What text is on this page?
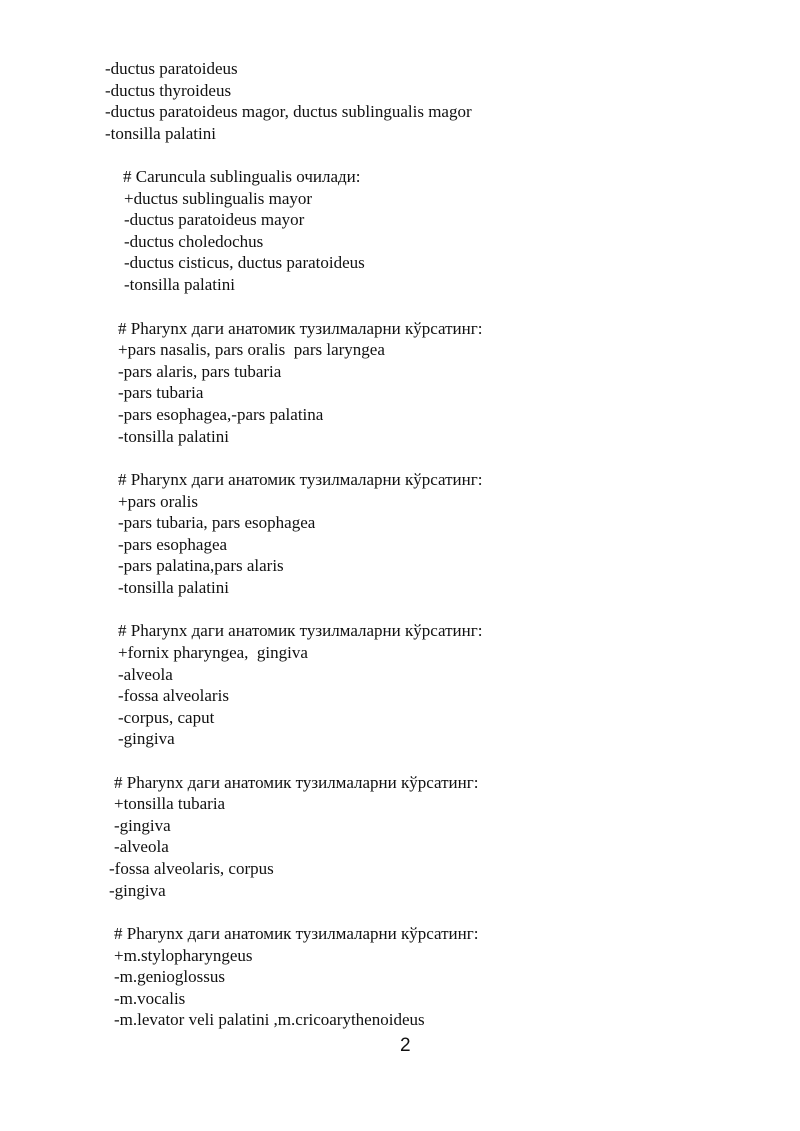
-ductus paratoideus
-ductus thyroideus
-ductus paratoideus magor, ductus sublingualis magor
-tonsilla palatini
# Caruncula sublingualis очилади:
+ductus sublingualis mayor
-ductus paratoideus mayor
-ductus choledochus
-ductus cisticus, ductus paratoideus
-tonsilla palatini
# Pharynx даги анатомик тузилмаларни кўрсатинг:
+pars nasalis, pars oralis  pars laryngea
-pars alaris, pars tubaria
-pars tubaria
-pars esophagea,-pars palatina
-tonsilla palatini
# Pharynx даги анатомик тузилмаларни кўрсатинг:
+pars oralis
-pars tubaria, pars esophagea
-pars esophagea
-pars palatina,pars alaris
-tonsilla palatini
# Pharynx даги анатомик тузилмаларни кўрсатинг:
+fornix pharyngea,  gingiva
-alveola
-fossa alveolaris
-corpus, caput
-gingiva
# Pharynx даги анатомик тузилмаларни кўрсатинг:
+tonsilla tubaria
-gingiva
-alveola
-fossa alveolaris, corpus
-gingiva
# Pharynx даги анатомик тузилмаларни кўрсатинг:
+m.stylopharyngeus
-m.genioglossus
-m.vocalis
-m.levator veli palatini ,m.cricoarythenoideus
2
